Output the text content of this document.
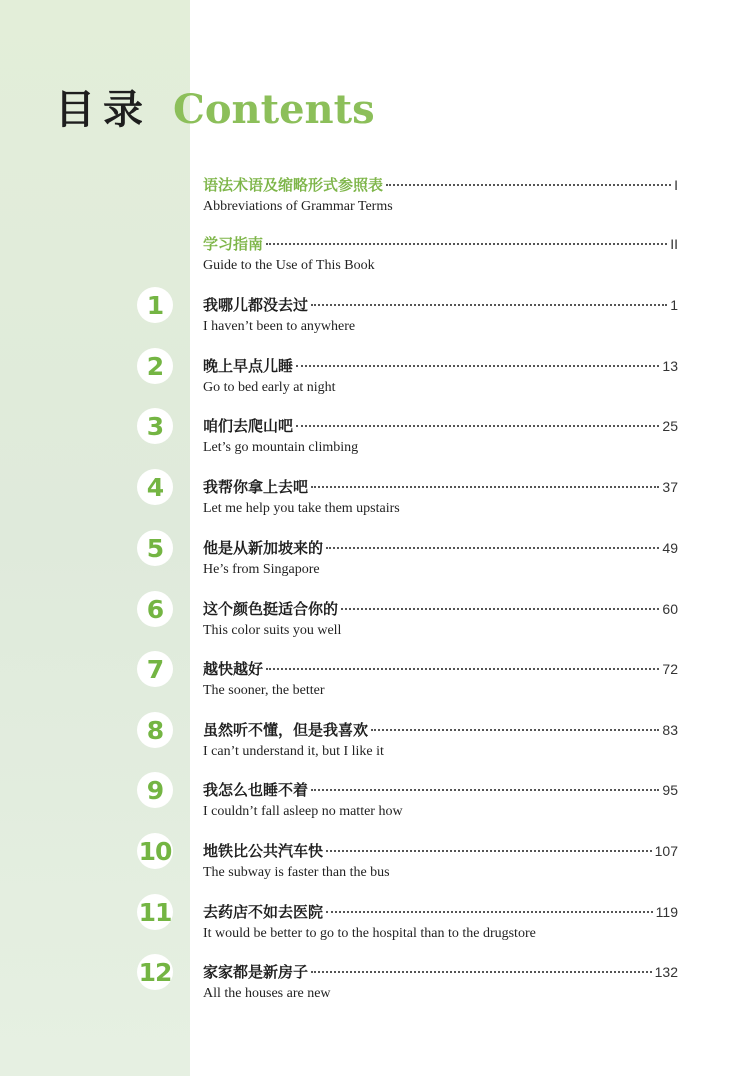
目录 Contents
语法术语及缩略形式参照表	I
Abbreviations of Grammar Terms
学习指南	II
Guide to the Use of This Book
1	我哪儿都没去过	1
I haven’t been to anywhere
2	晚上早点儿睡	13
Go to bed early at night
3	咱们去爬山吧	25
Let’s go mountain climbing
4	我帮你拿上去吧	37
Let me help you take them upstairs
5	他是从新加坡来的	49
He’s from Singapore
6	这个颜色挺适合你的	60
This color suits you well
7	越快越好	72
The sooner, the better
8	虽然听不懂，但是我喜欢	83
I can’t understand it, but I like it
9	我怎么也睡不着	95
I couldn’t fall asleep no matter how
10 地铁比公共汽车快	107
The subway is faster than the bus
11 去药店不如去医院	119
It would be better to go to the hospital than to the drugstore
12 家家都是新房子	132
All the houses are new
